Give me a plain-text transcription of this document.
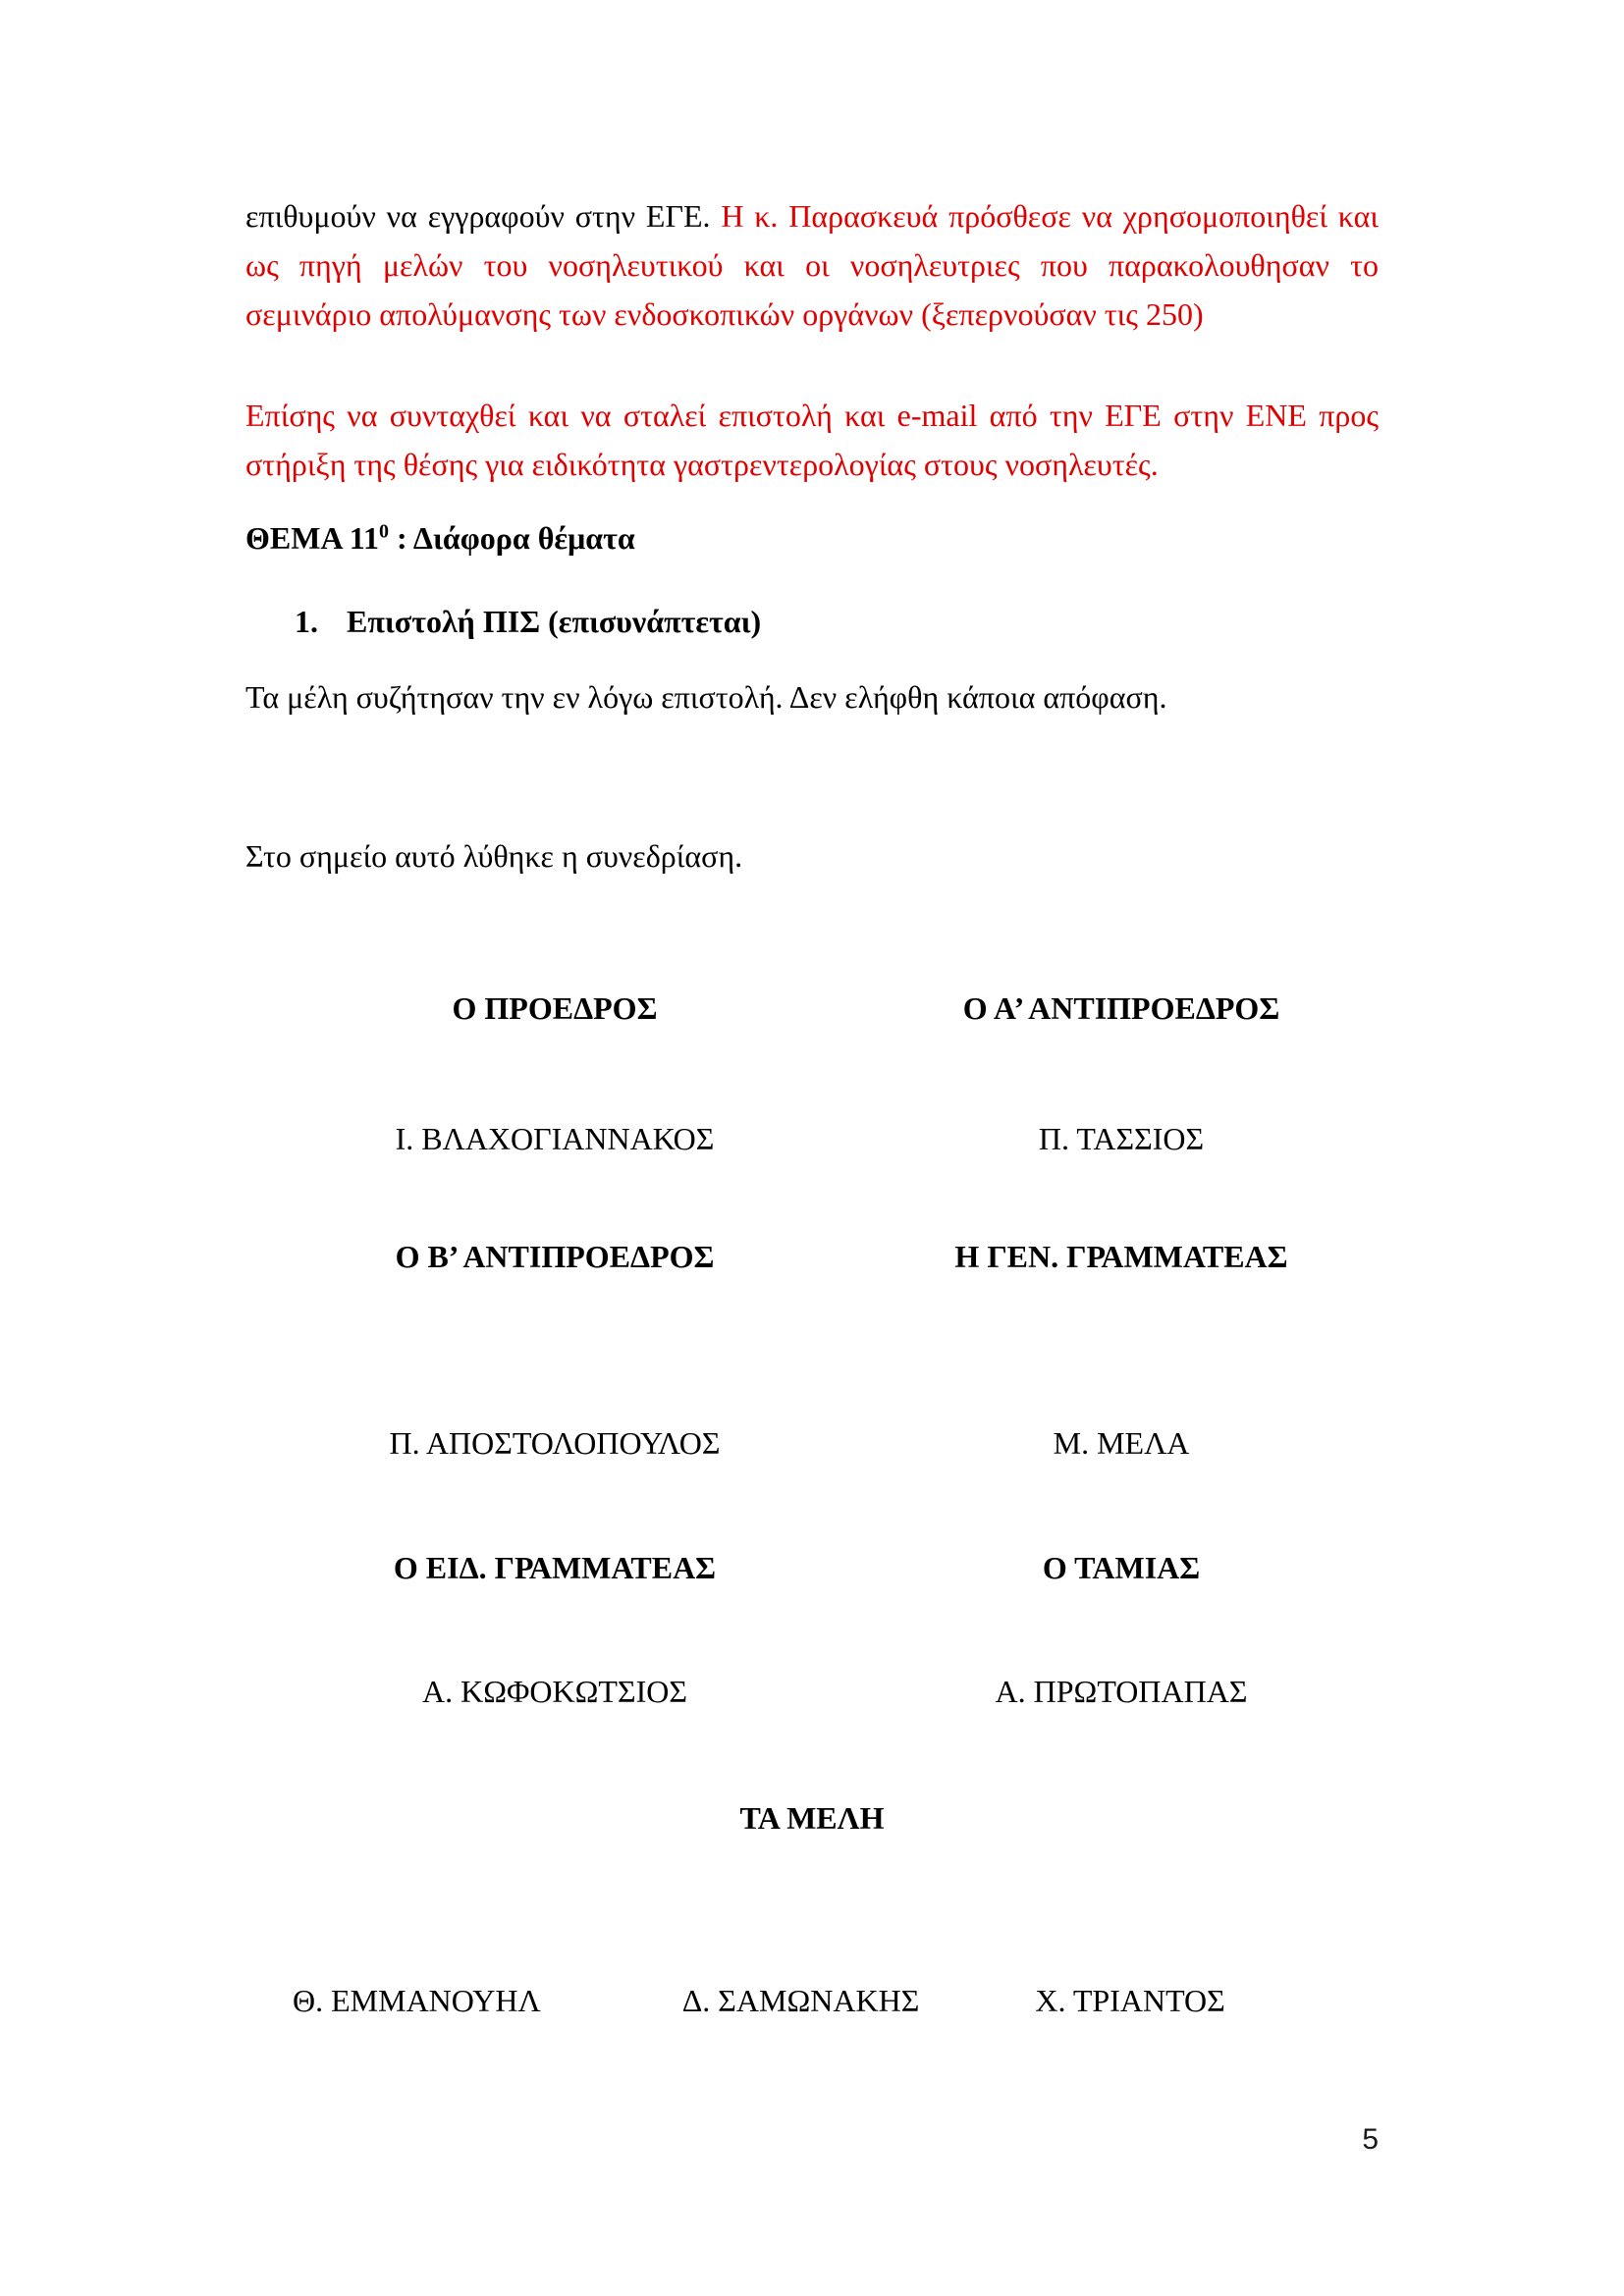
επιθυμούν να εγγραφούν στην ΕΓΕ. Η κ. Παρασκευά πρόσθεσε να χρησομοποιηθεί και
ως πηγή μελών του νοσηλευτικού και οι νοσηλευτριες που παρακολουθησαν το
σεμινάριο απολύμανσης των ενδοσκοπικών οργάνων (ξεπερνούσαν τις 250)

Επίσης να συνταχθεί και να σταλεί επιστολή και e-mail από την ΕΓΕ στην ΕΝΕ προς
στήριξη της θέσης για ειδικότητα γαστρεντερολογίας στους νοσηλευτές.

ΘΕΜΑ $11^0$ : Διάφορα θέματα

1. Επιστολή ΠΙΣ (επισυνάπτεται)

Τα μέλη συζήτησαν την εν λόγω επιστολή. Δεν ελήφθη κάποια απόφαση.

Στο σημείο αυτό λύθηκε η συνεδρίαση.

Ο ΠΡΟΕΔΡΟΣ	Ο Α’ ΑΝΤΙΠΡΟΕΔΡΟΣ
Ι. ΒΛΑΧΟΓΙΑΝΝΑΚΟΣ	Π. ΤΑΣΣΙΟΣ
Ο Β’ ΑΝΤΙΠΡΟΕΔΡΟΣ	Η ΓΕΝ. ΓΡΑΜΜΑΤΕΑΣ
Π. ΑΠΟΣΤΟΛΟΠΟΥΛΟΣ	Μ. ΜΕΛΑ
Ο ΕΙΔ. ΓΡΑΜΜΑΤΕΑΣ	Ο ΤΑΜΙΑΣ
Α. ΚΩΦΟΚΩΤΣΙΟΣ	Α. ΠΡΩΤΟΠΑΠΑΣ
ΤΑ ΜΕΛΗ
Θ. ΕΜΜΑΝΟΥΗΛ	Δ. ΣΑΜΩΝΑΚΗΣ	Χ. ΤΡΙΑΝΤΟΣ
5
